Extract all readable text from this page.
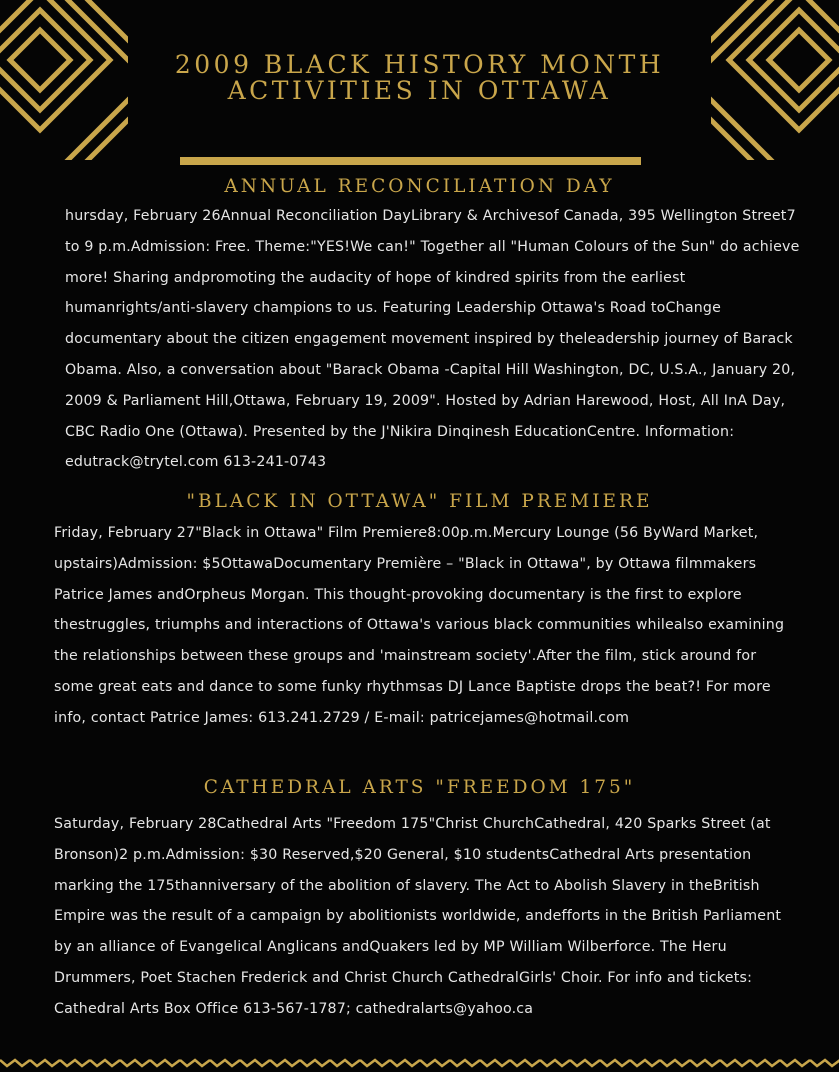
2009 BLACK HISTORY MONTH ACTIVITIES IN OTTAWA
ANNUAL RECONCILIATION DAY

hursday, February 26Annual Reconciliation DayLibrary & Archivesof Canada, 395 Wellington Street7 to 9 p.m.Admission: Free. Theme:"YES!We can!" Together all "Human Colours of the Sun" do achieve more! Sharing andpromoting the audacity of hope of kindred spirits from the earliest humanrights/anti-slavery champions to us. Featuring Leadership Ottawa's Road toChange documentary about the citizen engagement movement inspired by theleadership journey of Barack Obama. Also, a conversation about "Barack Obama -Capital Hill Washington, DC, U.S.A., January 20, 2009 & Parliament Hill,Ottawa, February 19, 2009". Hosted by Adrian Harewood, Host, All InA Day, CBC Radio One (Ottawa). Presented by the J'Nikira Dinqinesh EducationCentre. Information: edutrack@trytel.com 613-241-0743

"BLACK IN OTTAWA" FILM PREMIERE

Friday, February 27"Black in Ottawa" Film Premiere8:00p.m.Mercury Lounge (56 ByWard Market, upstairs)Admission: $5OttawaDocumentary Première – "Black in Ottawa", by Ottawa filmmakers Patrice James andOrpheus Morgan. This thought-provoking documentary is the first to explore thestruggles, triumphs and interactions of Ottawa's various black communities whilealso examining the relationships between these groups and 'mainstream society'.After the film, stick around for some great eats and dance to some funky rhythmsas DJ Lance Baptiste drops the beat?! For more info, contact Patrice James: 613.241.2729 / E-mail: patricejames@hotmail.com

CATHEDRAL ARTS "FREEDOM 175"

Saturday, February 28Cathedral Arts "Freedom 175"Christ ChurchCathedral, 420 Sparks Street (at Bronson)2 p.m.Admission: $30 Reserved,$20 General, $10 studentsCathedral Arts presentation marking the 175thanniversary of the abolition of slavery. The Act to Abolish Slavery in theBritish Empire was the result of a campaign by abolitionists worldwide, andefforts in the British Parliament by an alliance of Evangelical Anglicans andQuakers led by MP William Wilberforce. The Heru Drummers, Poet Stachen Frederick and Christ Church CathedralGirls' Choir. For info and tickets: Cathedral Arts Box Office 613-567-1787; cathedralarts@yahoo.ca
